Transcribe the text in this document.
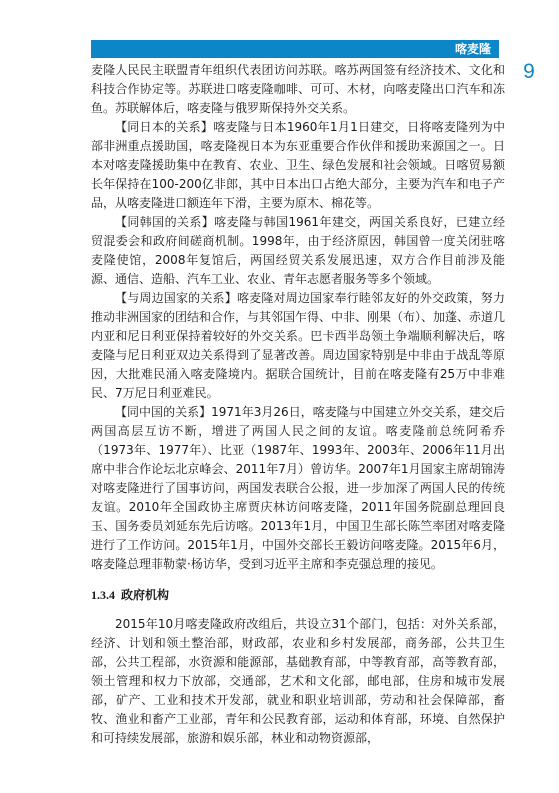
喀麦隆
9

麦隆人民民主联盟青年组织代表团访问苏联。喀苏两国签有经济技术、文化和科技合作协定等。苏联进口喀麦隆咖啡、可可、木材，向喀麦隆出口汽车和冻鱼。苏联解体后，喀麦隆与俄罗斯保持外交关系。

【同日本的关系】喀麦隆与日本1960年1月1日建交，日将喀麦隆列为中部非洲重点援助国，喀麦隆视日本为东亚重要合作伙伴和援助来源国之一。日本对喀麦隆援助集中在教育、农业、卫生、绿色发展和社会领域。日喀贸易额长年保持在100-200亿非郎，其中日本出口占绝大部分，主要为汽车和电子产品，从喀麦隆进口额连年下滑，主要为原木、棉花等。

【同韩国的关系】喀麦隆与韩国1961年建交，两国关系良好，已建立经贸混委会和政府间磋商机制。1998年，由于经济原因，韩国曾一度关闭驻喀麦隆使馆，2008年复馆后，两国经贸关系发展迅速，双方合作目前涉及能源、通信、造船、汽车工业、农业、青年志愿者服务等多个领域。

【与周边国家的关系】喀麦隆对周边国家奉行睦邻友好的外交政策，努力推动非洲国家的团结和合作，与其邻国乍得、中非、刚果（布）、加蓬、赤道几内亚和尼日利亚保持着较好的外交关系。巴卡西半岛领土争端顺利解决后，喀麦隆与尼日利亚双边关系得到了显著改善。周边国家特别是中非由于战乱等原因，大批难民涌入喀麦隆境内。据联合国统计，目前在喀麦隆有25万中非难民、7万尼日利亚难民。

【同中国的关系】1971年3月26日，喀麦隆与中国建立外交关系，建交后两国高层互访不断，增进了两国人民之间的友谊。喀麦隆前总统阿希乔（1973年、1977年）、比亚（1987年、1993年、2003年、2006年11月出席中非合作论坛北京峰会、2011年7月）曾访华。2007年1月国家主席胡锦涛对喀麦隆进行了国事访问，两国发表联合公报，进一步加深了两国人民的传统友谊。2010年全国政协主席贾庆林访问喀麦隆，2011年国务院副总理回良玉、国务委员刘延东先后访喀。2013年1月，中国卫生部长陈竺率团对喀麦隆进行了工作访问。2015年1月，中国外交部长王毅访问喀麦隆。2015年6月，喀麦隆总理菲勒蒙·杨访华，受到习近平主席和李克强总理的接见。

1.3.4 政府机构

2015年10月喀麦隆政府改组后，共设立31个部门，包括：对外关系部，经济、计划和领土整治部，财政部，农业和乡村发展部，商务部，公共卫生部，公共工程部，水资源和能源部，基础教育部，中等教育部，高等教育部，领土管理和权力下放部，交通部，艺术和文化部，邮电部，住房和城市发展部，矿产、工业和技术开发部，就业和职业培训部，劳动和社会保障部，畜牧、渔业和畜产工业部，青年和公民教育部，运动和体育部，环境、自然保护和可持续发展部，旅游和娱乐部，林业和动物资源部，
